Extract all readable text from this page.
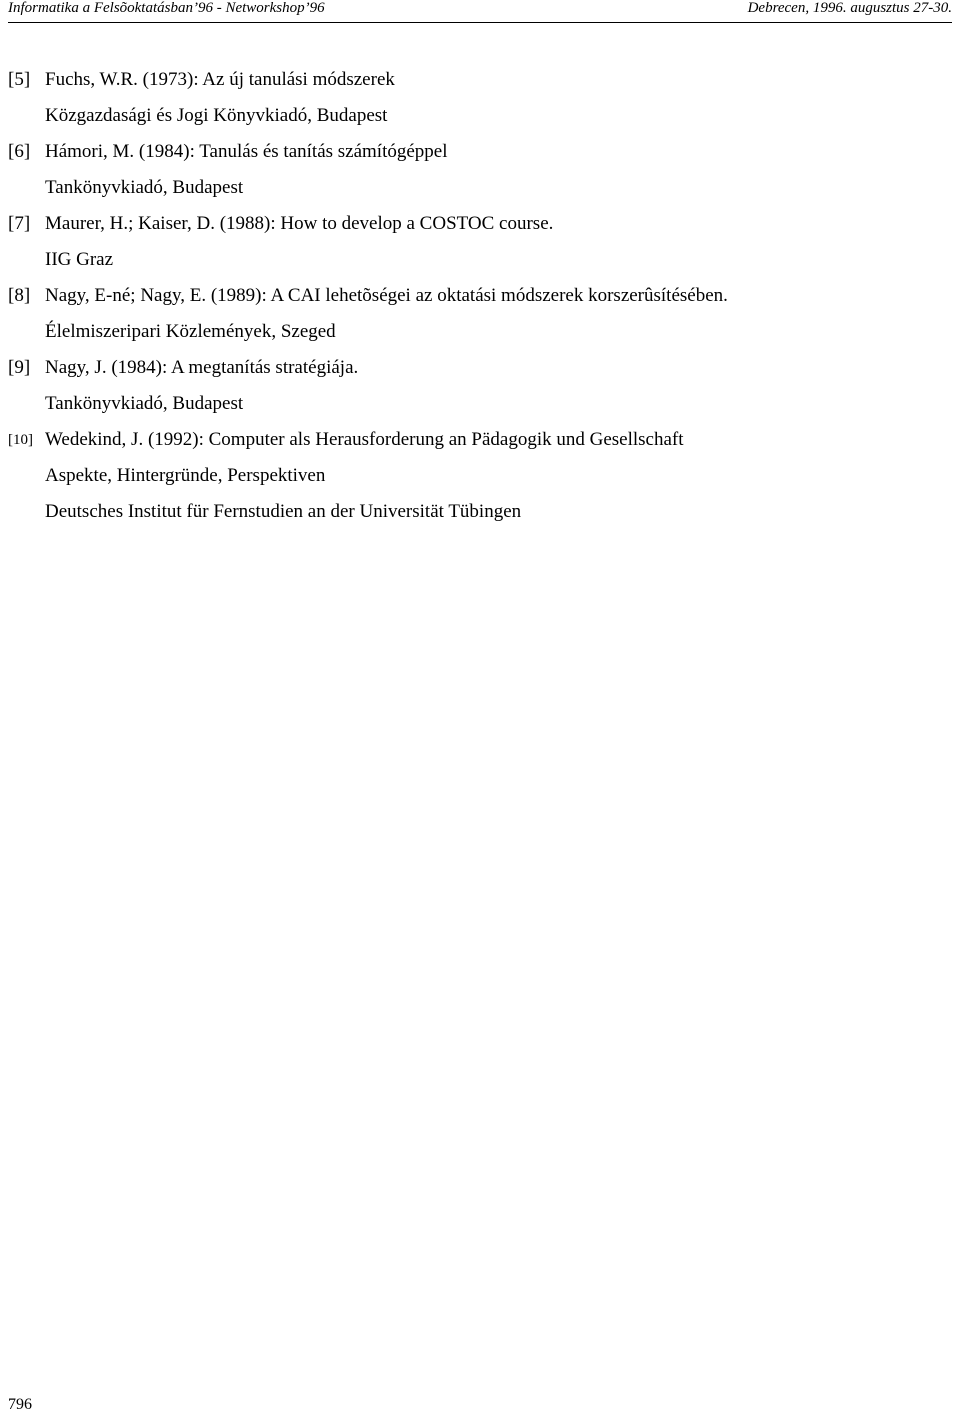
Informatika a Felsõoktatásban’96 - Networkshop’96	Debrecen, 1996. augusztus 27-30.
[5] Fuchs, W.R. (1973): Az új tanulási módszerek
Közgazdasági és Jogi Könyvkiadó, Budapest
[6] Hámori, M. (1984): Tanulás és tanítás számítógéppel
Tankönyvkiadó, Budapest
[7] Maurer, H.; Kaiser, D. (1988): How to develop a COSTOC course.
IIG Graz
[8] Nagy, E-né; Nagy, E. (1989): A CAI lehetõségei az oktatási módszerek korszerûsítésében.
Élelmiszeripari Közlemények, Szeged
[9] Nagy, J. (1984): A megtanítás stratégiája.
Tankönyvkiadó, Budapest
[10] Wedekind, J. (1992): Computer als Herausforderung an Pädagogik und Gesellschaft
Aspekte, Hintergründe, Perspektiven
Deutsches Institut für Fernstudien an der Universität Tübingen
796
